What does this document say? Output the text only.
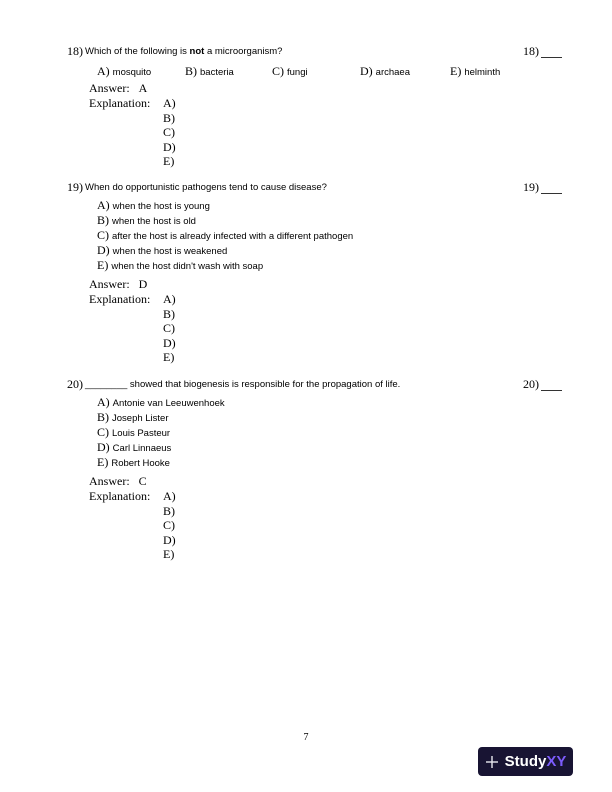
18) Which of the following is not a microorganism?	18)
A) mosquito	B) bacteria	C) fungi	D) archaea	E) helminth
Answer: A
Explanation: A)
B)
C)
D)
E)
19) When do opportunistic pathogens tend to cause disease?	19)
A) when the host is young
B) when the host is old
C) after the host is already infected with a different pathogen
D) when the host is weakened
E) when the host didn't wash with soap
Answer: D
Explanation: A)
B)
C)
D)
E)
20) ________ showed that biogenesis is responsible for the propagation of life.	20)
A) Antonie van Leeuwenhoek
B) Joseph Lister
C) Louis Pasteur
D) Carl Linnaeus
E) Robert Hooke
Answer: C
Explanation: A)
B)
C)
D)
E)
7
StudyXY
